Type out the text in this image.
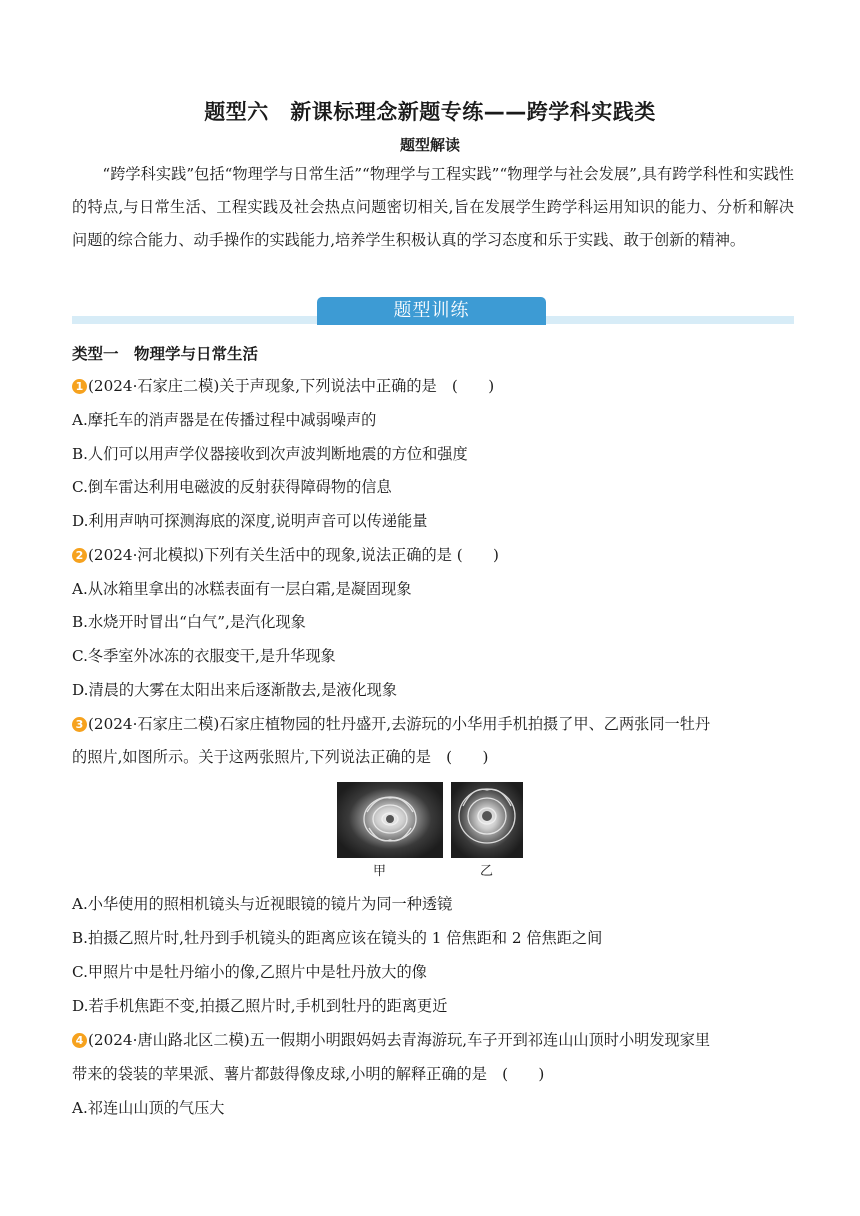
题型六　新课标理念新题专练——跨学科实践类
题型解读

“跨学科实践”包括“物理学与日常生活”“物理学与工程实践”“物理学与社会发展”,具有跨学科性和实践性的特点,与日常生活、工程实践及社会热点问题密切相关,旨在发展学生跨学科运用知识的能力、分析和解决问题的综合能力、动手操作的实践能力,培养学生积极认真的学习态度和乐于实践、敢于创新的精神。

题型训练
类型一　物理学与日常生活
1 (2024·石家庄二模)关于声现象,下列说法中正确的是　(　　)
A.摩托车的消声器是在传播过程中减弱噪声的
B.人们可以用声学仪器接收到次声波判断地震的方位和强度
C.倒车雷达利用电磁波的反射获得障碍物的信息
D.利用声呐可探测海底的深度,说明声音可以传递能量
2 (2024·河北模拟)下列有关生活中的现象,说法正确的是 (　　)
A.从冰箱里拿出的冰糕表面有一层白霜,是凝固现象
B.水烧开时冒出“白气”,是汽化现象
C.冬季室外冰冻的衣服变干,是升华现象
D.清晨的大雾在太阳出来后逐渐散去,是液化现象
3 (2024·石家庄二模)石家庄植物园的牡丹盛开,去游玩的小华用手机拍摄了甲、乙两张同一牡丹
的照片,如图所示。关于这两张照片,下列说法正确的是　(　　)
甲	乙
A.小华使用的照相机镜头与近视眼镜的镜片为同一种透镜
B.拍摄乙照片时,牡丹到手机镜头的距离应该在镜头的 1 倍焦距和 2 倍焦距之间
C.甲照片中是牡丹缩小的像,乙照片中是牡丹放大的像
D.若手机焦距不变,拍摄乙照片时,手机到牡丹的距离更近
4 (2024·唐山路北区二模)五一假期小明跟妈妈去青海游玩,车子开到祁连山山顶时小明发现家里
带来的袋装的苹果派、薯片都鼓得像皮球,小明的解释正确的是　(　　)
A.祁连山山顶的气压大
